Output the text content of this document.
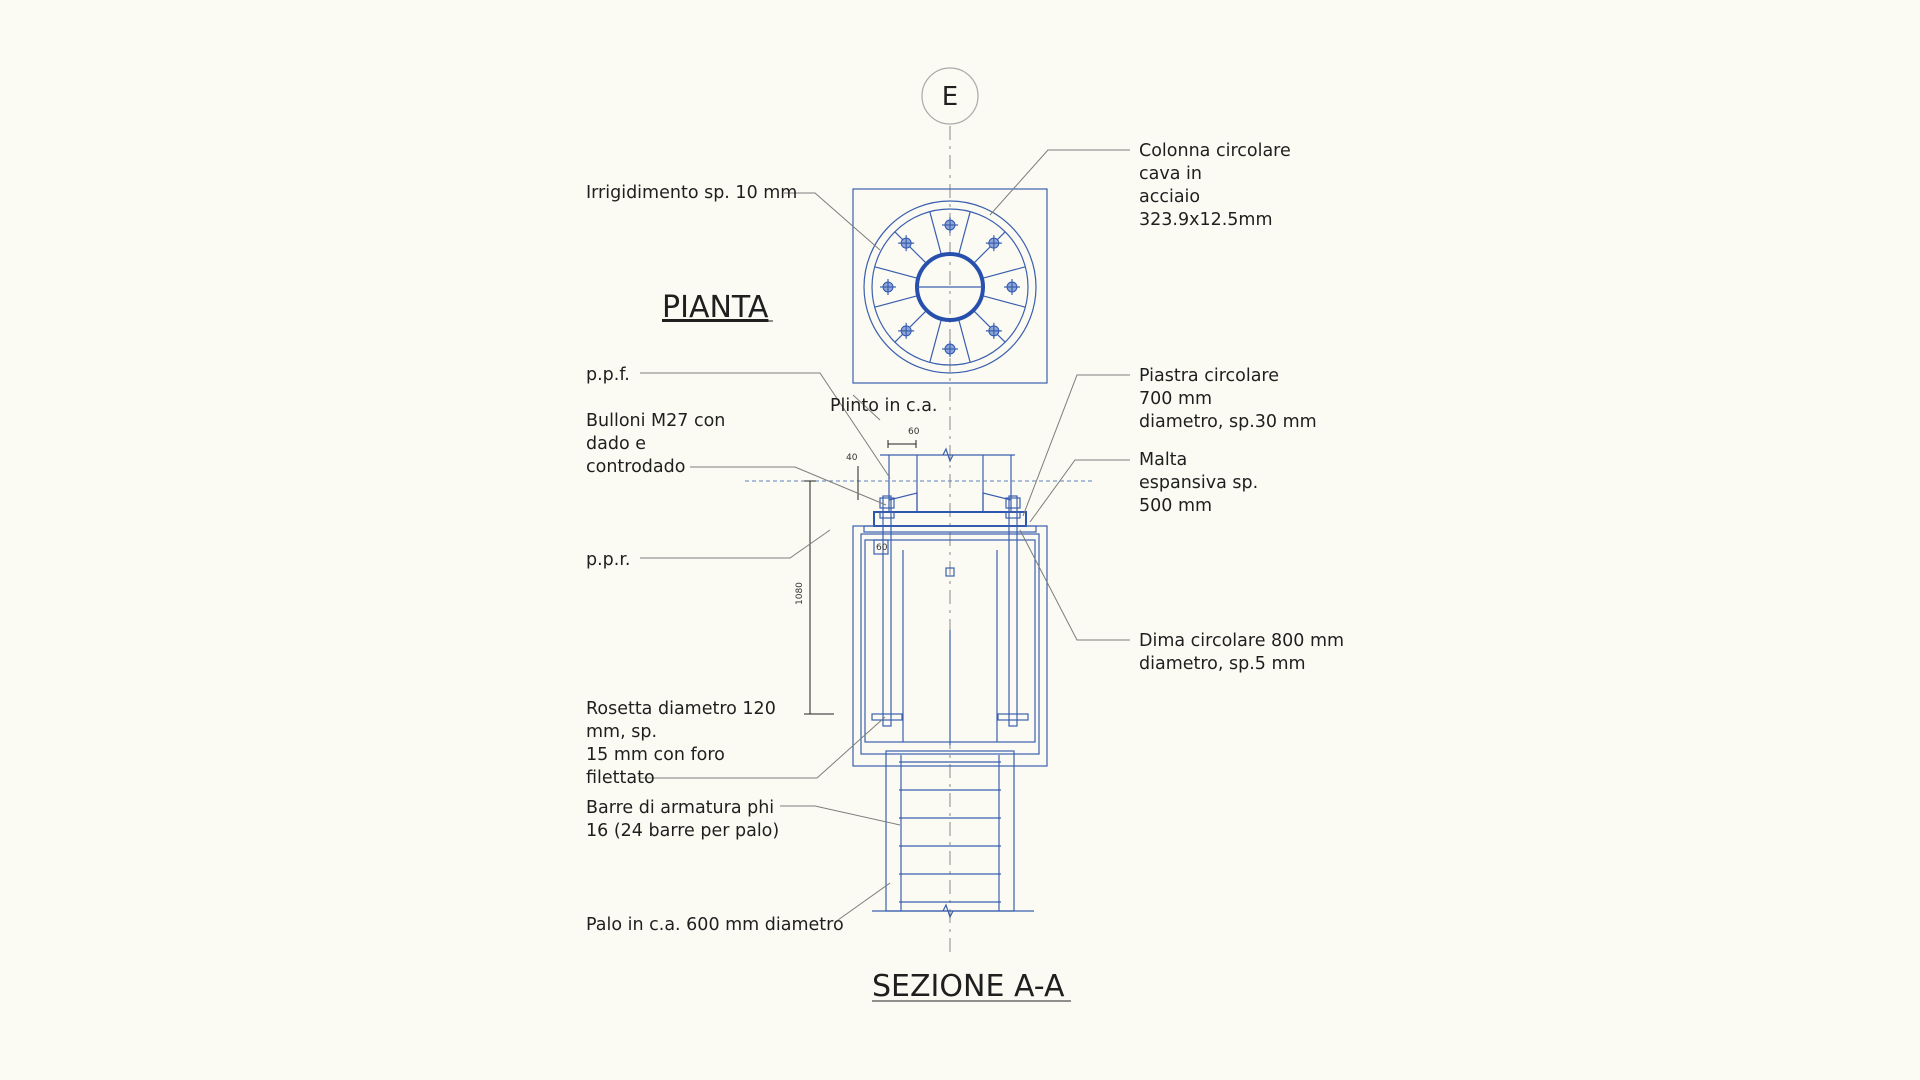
E
60
60
40
1080
Irrigidimento sp. 10 mm
Colonna circolare
cava in
acciaio
323.9x12.5mm
PIANTA
p.p.f.
Plinto in c.a.
Bulloni M27 con
dado e
controdado
Piastra circolare
700 mm
diametro, sp.30 mm
Malta
espansiva sp.
500 mm
p.p.r.
Dima circolare 800 mm
diametro, sp.5 mm
Rosetta diametro 120
mm, sp.
15 mm con foro
filettato
Barre di armatura phi
16 (24 barre per palo)
Palo in c.a. 600 mm diametro
SEZIONE A-A
